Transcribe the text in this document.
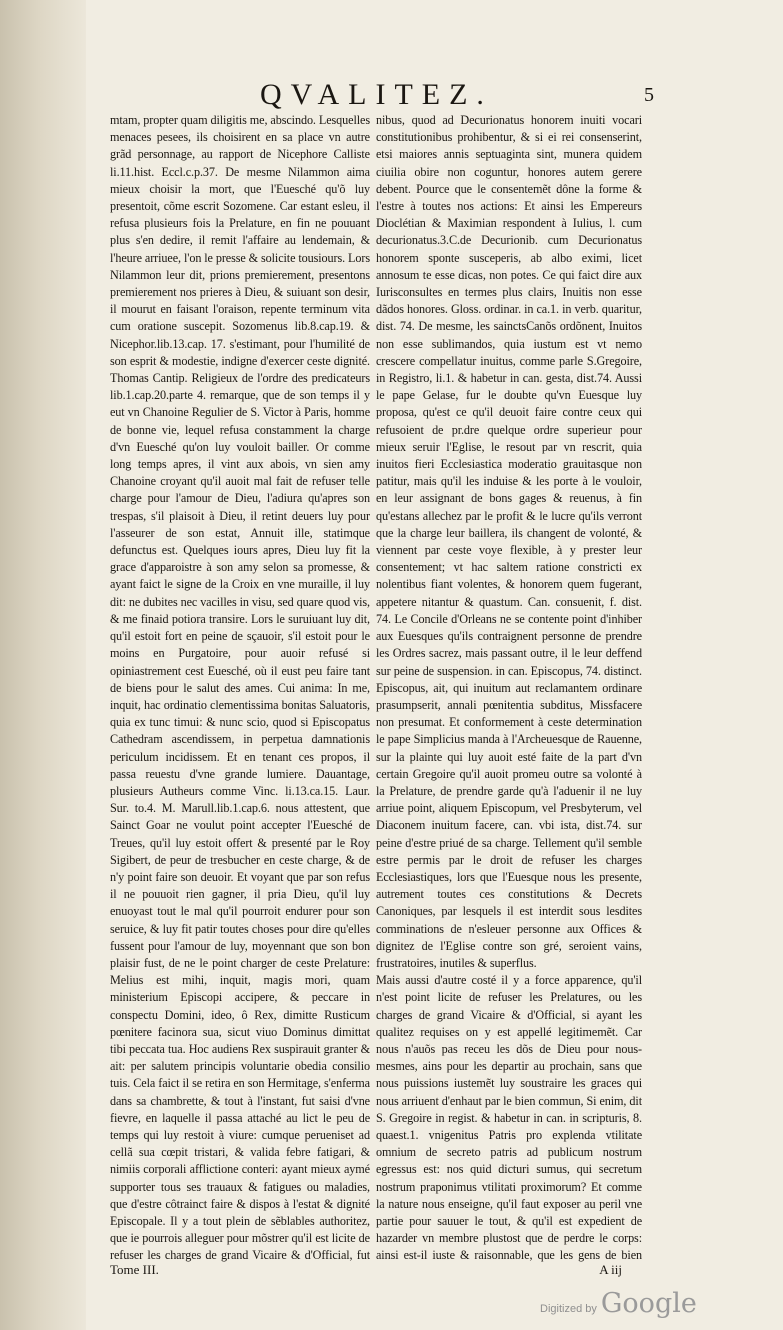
QVALITEZ.	5

mtam, propter quam diligitis me, abscindo. Lesquelles menaces pesees, ils choisirent en sa place vn autre grãd personnage, au rapport de Nicephore Calliste li.11.hist. Eccl.c.p.37. De mesme Nilammon aima mieux choisir la mort, que l'Euesché qu'õ luy presentoit, cõme escrit Sozomene. Car estant esleu, il refusa plusieurs fois la Prelature, en fin ne pouuant plus s'en dedire, il remit l'affaire au lendemain, & l'heure arriuee, l'on le presse & solicite tousiours. Lors Nilammon leur dit, prions premierement, presentons premierement nos prieres à Dieu, & suiuant son desir, il mourut en faisant l'oraison, repente terminum vita cum oratione suscepit. Sozomenus lib.8.cap.19. & Nicephor.lib.13.cap. 17. s'estimant, pour l'humilité de son esprit & modestie, indigne d'exercer ceste dignité. Thomas Cantip. Religieux de l'ordre des predicateurs lib.1.cap.20.parte 4. remarque, que de son temps il y eut vn Chanoine Regulier de S. Victor à Paris, homme de bonne vie, lequel refusa constamment la charge d'vn Euesché qu'on luy vouloit bailler. Or comme long temps apres, il vint aux abois, vn sien amy Chanoine croyant qu'il auoit mal fait de refuser telle charge pour l'amour de Dieu, l'adiura qu'apres son trespas, s'il plaisoit à Dieu, il retint deuers luy pour l'asseurer de son estat, Annuit ille, statimque defunctus est. Quelques iours apres, Dieu luy fit la grace d'apparoistre à son amy selon sa promesse, & ayant faict le signe de la Croix en vne muraille, il luy dit: ne dubites nec vacilles in visu, sed quare quod vis, & me finaid potiora transire. Lors le suruiuant luy dit, qu'il estoit fort en peine de sçauoir, s'il estoit pour le moins en Purgatoire, pour auoir refusé si opiniastrement cest Euesché, où il eust peu faire tant de biens pour le salut des ames. Cui anima: In me, inquit, hac ordinatio clementissima bonitas Saluatoris, quia ex tunc timui: & nunc scio, quod si Episcopatus Cathedram ascendissem, in perpetua damnationis periculum incidissem. Et en tenant ces propos, il passa reuestu d'vne grande lumiere. Dauantage, plusieurs Autheurs comme Vinc. li.13.ca.15. Laur. Sur. to.4. M. Marull.lib.1.cap.6. nous attestent, que Sainct Goar ne voulut point accepter l'Euesché de Treues, qu'il luy estoit offert & presenté par le Roy Sigibert, de peur de tresbucher en ceste charge, & de n'y point faire son deuoir. Et voyant que par son refus il ne pouuoit rien gagner, il pria Dieu, qu'il luy enuoyast tout le mal qu'il pourroit endurer pour son seruice, & luy fit patir toutes choses pour dire qu'elles fussent pour l'amour de luy, moyennant que son bon plaisir fust, de ne le point charger de ceste Prelature: Melius est mihi, inquit, magis mori, quam ministerium Episcopi accipere, & peccare in conspectu Domini, ideo, ô Rex, dimitte Rusticum pœnitere facinora sua, sicut viuo Dominus dimittat tibi peccata tua. Hoc audiens Rex suspirauit granter & ait: per salutem principis voluntarie obedia consilio tuis. Cela faict il se retira en son Hermitage, s'enferma dans sa chambrette, & tout à l'instant, fut saisi d'vne fievre, en laquelle il passa attaché au lict le peu de temps qui luy restoit à viure: cumque perueniset ad cellã sua cœpit tristari, & valida febre fatigari, & nimiis corporali afflictione conteri: ayant mieux aymé supporter tous ses trauaux & fatigues ou maladies, que d'estre côtrainct faire & dispos à l'estat & dignité Episcopale. Il y a tout plein de sẽblables authoritez, que ie pourrois alleguer pour mõstrer qu'il est licite de refuser les charges de grand Vicaire & d'Official, fut

nibus, quod ad Decurionatus honorem inuiti vocari constitutionibus prohibentur, & si ei rei consenserint, etsi maiores annis septuaginta sint, munera quidem ciuilia obire non coguntur, honores autem gerere debent. Pource que le consentemẽt dône la forme & l'estre à toutes nos actions: Et ainsi les Empereurs Dioclétian & Maximian respondent à Iulius, l. cum decurionatus.3.C.de Decurionib. cum Decurionatus honorem sponte susceperis, ab albo eximi, licet annosum te esse dicas, non potes. Ce qui faict dire aux Iurisconsultes en termes plus clairs, Inuitis non esse dãdos honores. Gloss. ordinar. in ca.1. in verb. quaritur, dist. 74. De mesme, les sainctsCanõs ordõnent, Inuitos non esse sublimandos, quia iustum est vt nemo crescere compellatur inuitus, comme parle S.Gregoire, in Registro, li.1. & habetur in can. gesta, dist.74. Aussi le pape Gelase, fur le doubte qu'vn Euesque luy proposa, qu'est ce qu'il deuoit faire contre ceux qui refusoient de pr.dre quelque ordre superieur pour mieux seruir l'Eglise, le resout par vn rescrit, quia inuitos fieri Ecclesiastica moderatio grauitasque non patitur, mais qu'il les induise & les porte à le vouloir, en leur assignant de bons gages & reuenus, à fin qu'estans allechez par le profit & le lucre qu'ils verront que la charge leur baillera, ils changent de volonté, & viennent par ceste voye flexible, à y prester leur consentement; vt hac saltem ratione constricti ex nolentibus fiant volentes, & honorem quem fugerant, appetere nitantur & quastum. Can. consuenit, f. dist. 74. Le Concile d'Orleans ne se contente point d'inhiber aux Euesques qu'ils contraignent personne de prendre les Ordres sacrez, mais passant outre, il le leur deffend sur peine de suspension. in can. Episcopus, 74. distinct. Episcopus, ait, qui inuitum aut reclamantem ordinare prasumpserit, annali pœnitentia subditus, Missfacere non presumat. Et conformement à ceste determination le pape Simplicius manda à l'Archeuesque de Rauenne, sur la plainte qui luy auoit esté faite de la part d'vn certain Gregoire qu'il auoit promeu outre sa volonté à la Prelature, de prendre garde qu'à l'aduenir il ne luy arriue point, aliquem Episcopum, vel Presbyterum, vel Diaconem inuitum facere, can. vbi ista, dist.74. sur peine d'estre priué de sa charge. Tellement qu'il semble estre permis par le droit de refuser les charges Ecclesiastiques, lors que l'Euesque nous les presente, autrement toutes ces constitutions & Decrets Canoniques, par lesquels il est interdit sous lesdites comminations de n'esleuer personne aux Offices & dignitez de l'Eglise contre son gré, seroient vains, frustratoires, inutiles & superflus.

Mais aussi d'autre costé il y a force apparence, qu'il n'est point licite de refuser les Prelatures, ou les charges de grand Vicaire & d'Official, si ayant les qualitez requises on y est appellé legitimemẽt. Car nous n'auõs pas receu les dõs de Dieu pour nous-mesmes, ains pour les departir au prochain, sans que nous puissions iustemẽt luy soustraire les graces qui nous arriuent d'enhaut par le bien commun, Si enim, dit S. Gregoire in regist. & habetur in can. in scripturis, 8. quaest.1. vnigenitus Patris pro explenda vtilitate omnium de secreto patris ad publicum nostrum egressus est: nos quid dicturi sumus, qui secretum nostrum praponimus vtilitati proximorum? Et comme la nature nous enseigne, qu'il faut exposer au peril vne partie pour sauuer le tout, & qu'il est expedient de hazarder vn membre plustost que de perdre le corps: ainsi est-il iuste & raisonnable, que les gens de bien

Tome III.	A iij
Digitized by Google
